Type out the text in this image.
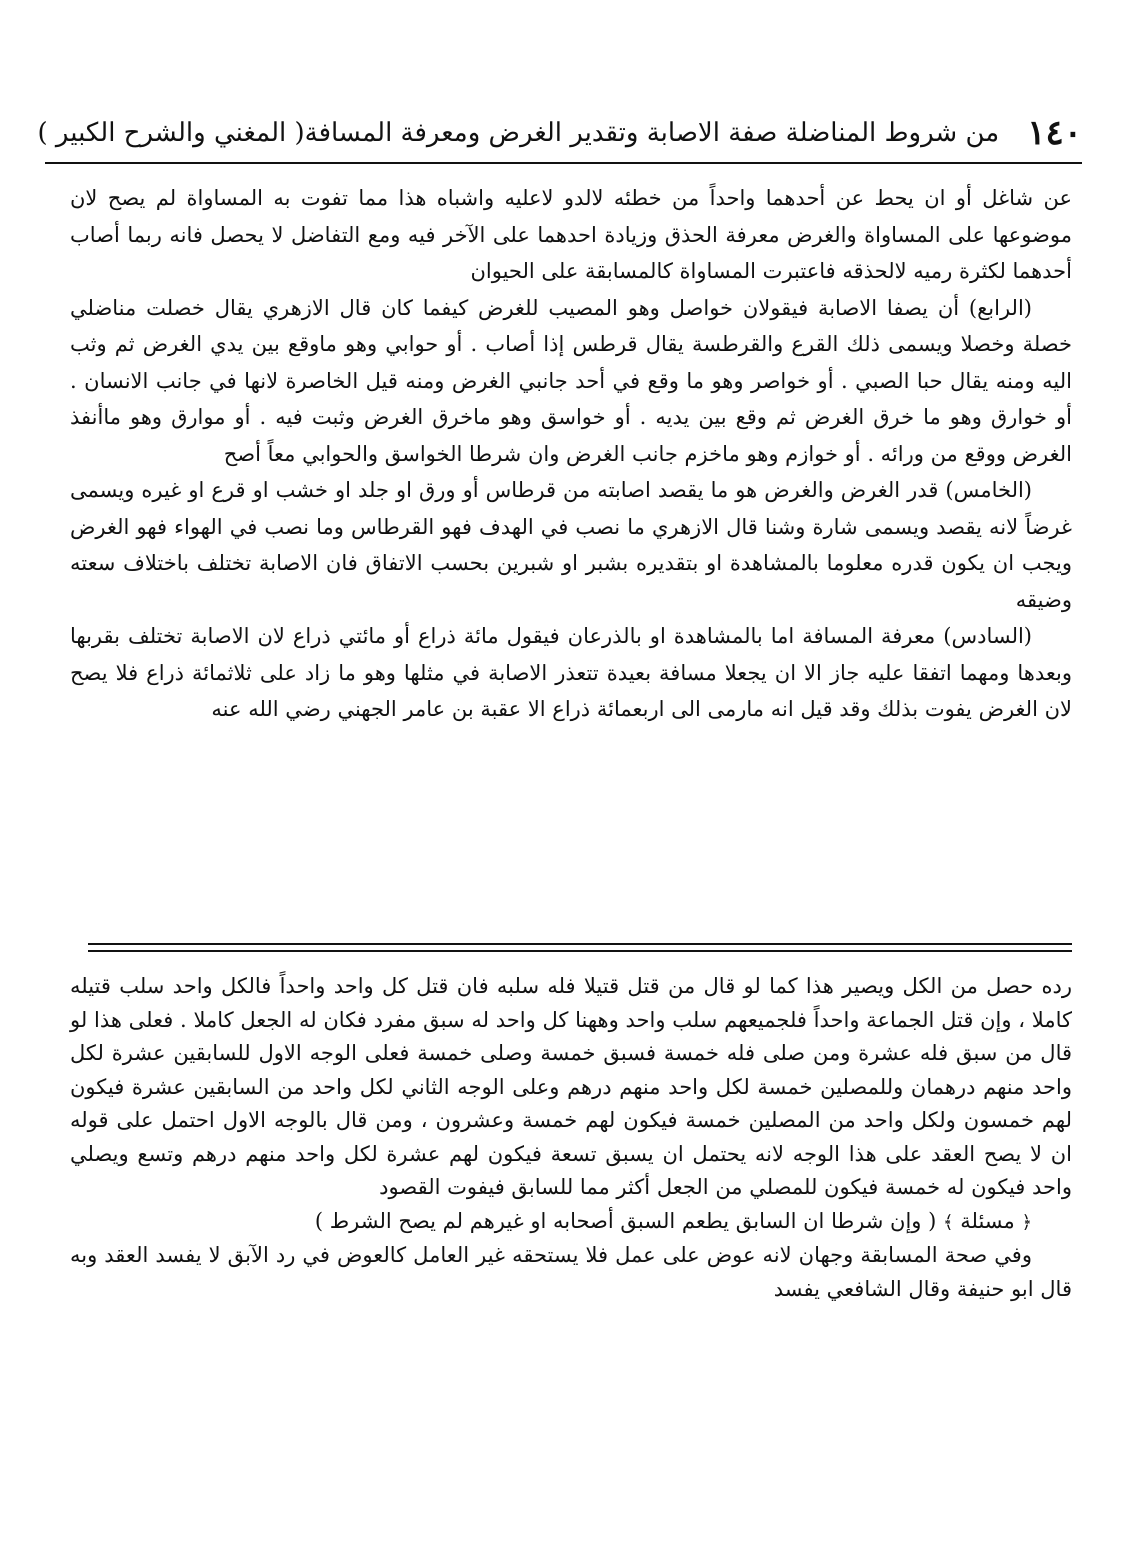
١٤٠
من شروط المناضلة صفة الاصابة وتقدير الغرض ومعرفة المسافة
( المغني والشرح الكبير )

عن شاغل أو ان يحط عن أحدهما واحداً من خطئه لالدو لاعليه واشباه هذا مما تفوت به المساواة لم يصح لان موضوعها على المساواة والغرض معرفة الحذق وزيادة احدهما على الآخر فيه ومع التفاضل لا يحصل فانه ربما أصاب أحدهما لكثرة رميه لالحذقه فاعتبرت المساواة كالمسابقة على الحيوان

(الرابع) أن يصفا الاصابة فيقولان خواصل وهو المصيب للغرض كيفما كان قال الازهري يقال خصلت مناضلي خصلة وخصلا ويسمى ذلك القرع والقرطسة يقال قرطس إذا أصاب . أو حوابي وهو ماوقع بين يدي الغرض ثم وثب اليه ومنه يقال حبا الصبي . أو خواصر وهو ما وقع في أحد جانبي الغرض ومنه قيل الخاصرة لانها في جانب الانسان . أو خوارق وهو ما خرق الغرض ثم وقع بين يديه . أو خواسق وهو ماخرق الغرض وثبت فيه . أو موارق وهو ماأنفذ الغرض ووقع من ورائه . أو خوازم وهو ماخزم جانب الغرض وان شرطا الخواسق والحوابي معاً أصح

(الخامس) قدر الغرض والغرض هو ما يقصد اصابته من قرطاس أو ورق او جلد او خشب او قرع او غيره ويسمى غرضاً لانه يقصد ويسمى شارة وشنا قال الازهري ما نصب في الهدف فهو القرطاس وما نصب في الهواء فهو الغرض ويجب ان يكون قدره معلوما بالمشاهدة او بتقديره بشبر او شبرين بحسب الاتفاق فان الاصابة تختلف باختلاف سعته وضيقه

(السادس) معرفة المسافة اما بالمشاهدة او بالذرعان فيقول مائة ذراع أو مائتي ذراع لان الاصابة تختلف بقربها وبعدها ومهما اتفقا عليه جاز الا ان يجعلا مسافة بعيدة تتعذر الاصابة في مثلها وهو ما زاد على ثلاثمائة ذراع فلا يصح لان الغرض يفوت بذلك وقد قيل انه مارمى الى اربعمائة ذراع الا عقبة بن عامر الجهني رضي الله عنه

رده حصل من الكل ويصير هذا كما لو قال من قتل قتيلا فله سلبه فان قتل كل واحد واحداً فالكل واحد سلب قتيله كاملا ، وإن قتل الجماعة واحداً فلجميعهم سلب واحد وههنا كل واحد له سبق مفرد فكان له الجعل كاملا . فعلى هذا لو قال من سبق فله عشرة ومن صلى فله خمسة فسبق خمسة وصلى خمسة فعلى الوجه الاول للسابقين عشرة لكل واحد منهم درهمان وللمصلين خمسة لكل واحد منهم درهم وعلى الوجه الثاني لكل واحد من السابقين عشرة فيكون لهم خمسون ولكل واحد من المصلين خمسة فيكون لهم خمسة وعشرون ، ومن قال بالوجه الاول احتمل على قوله ان لا يصح العقد على هذا الوجه لانه يحتمل ان يسبق تسعة فيكون لهم عشرة لكل واحد منهم درهم وتسع ويصلي واحد فيكون له خمسة فيكون للمصلي من الجعل أكثر مما للسابق فيفوت القصود

﴿ مسئلة ﴾ ( وإن شرطا ان السابق يطعم السبق أصحابه او غيرهم لم يصح الشرط )

وفي صحة المسابقة وجهان لانه عوض على عمل فلا يستحقه غير العامل كالعوض في رد الآبق لا يفسد العقد وبه قال ابو حنيفة وقال الشافعي يفسد
